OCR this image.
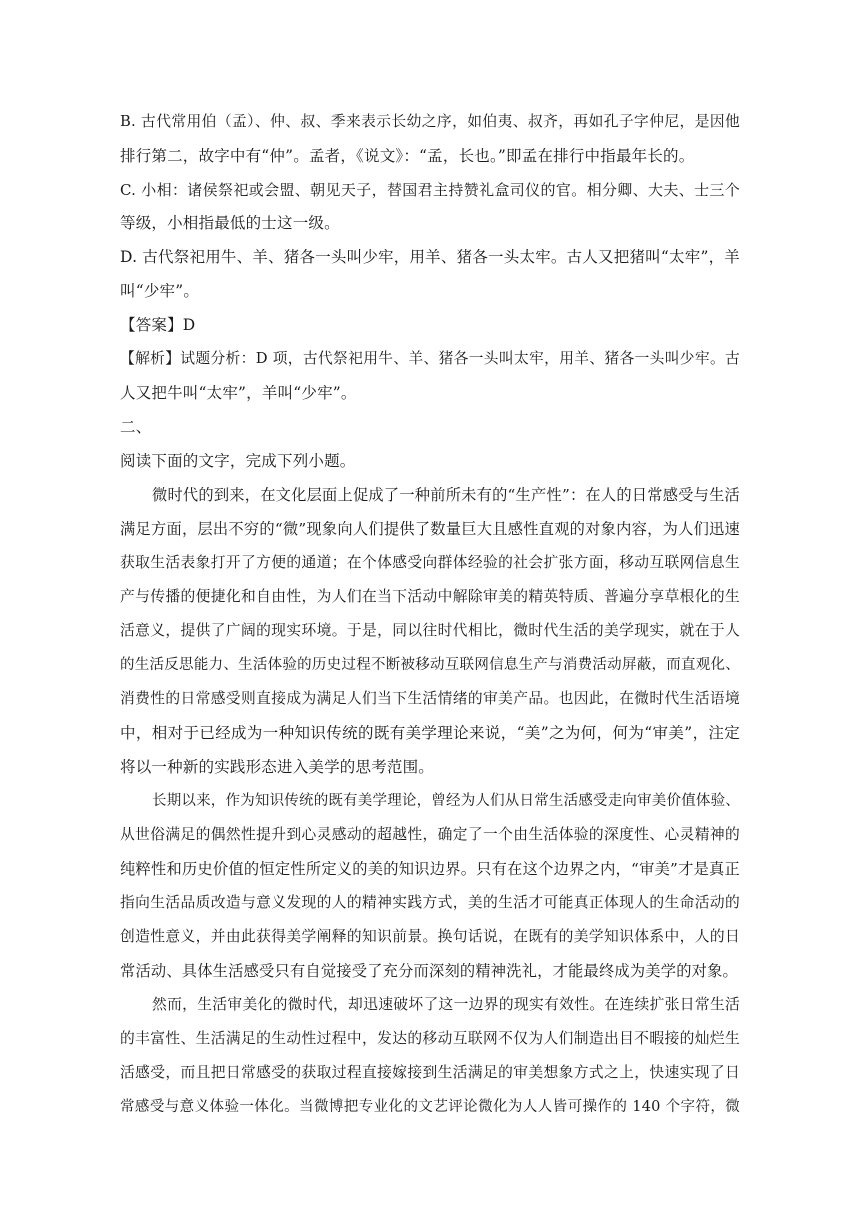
B. 古代常用伯（孟）、仲、叔、季来表示长幼之序，如伯夷、叔齐，再如孔子字仲尼，是因他
排行第二，故字中有“仲”。孟者，《说文》：“孟，长也。”即孟在排行中指最年长的。
C. 小相：诸侯祭祀或会盟、朝见天子，替国君主持赞礼盒司仪的官。相分卿、大夫、士三个
等级，小相指最低的士这一级。
D. 古代祭祀用牛、羊、猪各一头叫少牢，用羊、猪各一头太牢。古人又把猪叫“太牢”，羊
叫“少牢”。
【答案】D
【解析】试题分析：D 项，古代祭祀用牛、羊、猪各一头叫太牢，用羊、猪各一头叫少牢。古
人又把牛叫“太牢”，羊叫“少牢”。
二、
阅读下面的文字，完成下列小题。
微时代的到来，在文化层面上促成了一种前所未有的“生产性”：在人的日常感受与生活
满足方面，层出不穷的“微”现象向人们提供了数量巨大且感性直观的对象内容，为人们迅速
获取生活表象打开了方便的通道；在个体感受向群体经验的社会扩张方面，移动互联网信息生
产与传播的便捷化和自由性，为人们在当下活动中解除审美的精英特质、普遍分享草根化的生
活意义，提供了广阔的现实环境。于是，同以往时代相比，微时代生活的美学现实，就在于人
的生活反思能力、生活体验的历史过程不断被移动互联网信息生产与消费活动屏蔽，而直观化、
消费性的日常感受则直接成为满足人们当下生活情绪的审美产品。也因此，在微时代生活语境
中，相对于已经成为一种知识传统的既有美学理论来说，“美”之为何，何为“审美”，注定
将以一种新的实践形态进入美学的思考范围。
长期以来，作为知识传统的既有美学理论，曾经为人们从日常生活感受走向审美价值体验、
从世俗满足的偶然性提升到心灵感动的超越性，确定了一个由生活体验的深度性、心灵精神的
纯粹性和历史价值的恒定性所定义的美的知识边界。只有在这个边界之内，“审美”才是真正
指向生活品质改造与意义发现的人的精神实践方式，美的生活才可能真正体现人的生命活动的
创造性意义，并由此获得美学阐释的知识前景。换句话说，在既有的美学知识体系中，人的日
常活动、具体生活感受只有自觉接受了充分而深刻的精神洗礼，才能最终成为美学的对象。
然而，生活审美化的微时代，却迅速破坏了这一边界的现实有效性。在连续扩张日常生活
的丰富性、生活满足的生动性过程中，发达的移动互联网不仅为人们制造出目不暇接的灿烂生
活感受，而且把日常感受的获取过程直接嫁接到生活满足的审美想象方式之上，快速实现了日
常感受与意义体验一体化。当微博把专业化的文艺评论微化为人人皆可操作的 140 个字符，微
